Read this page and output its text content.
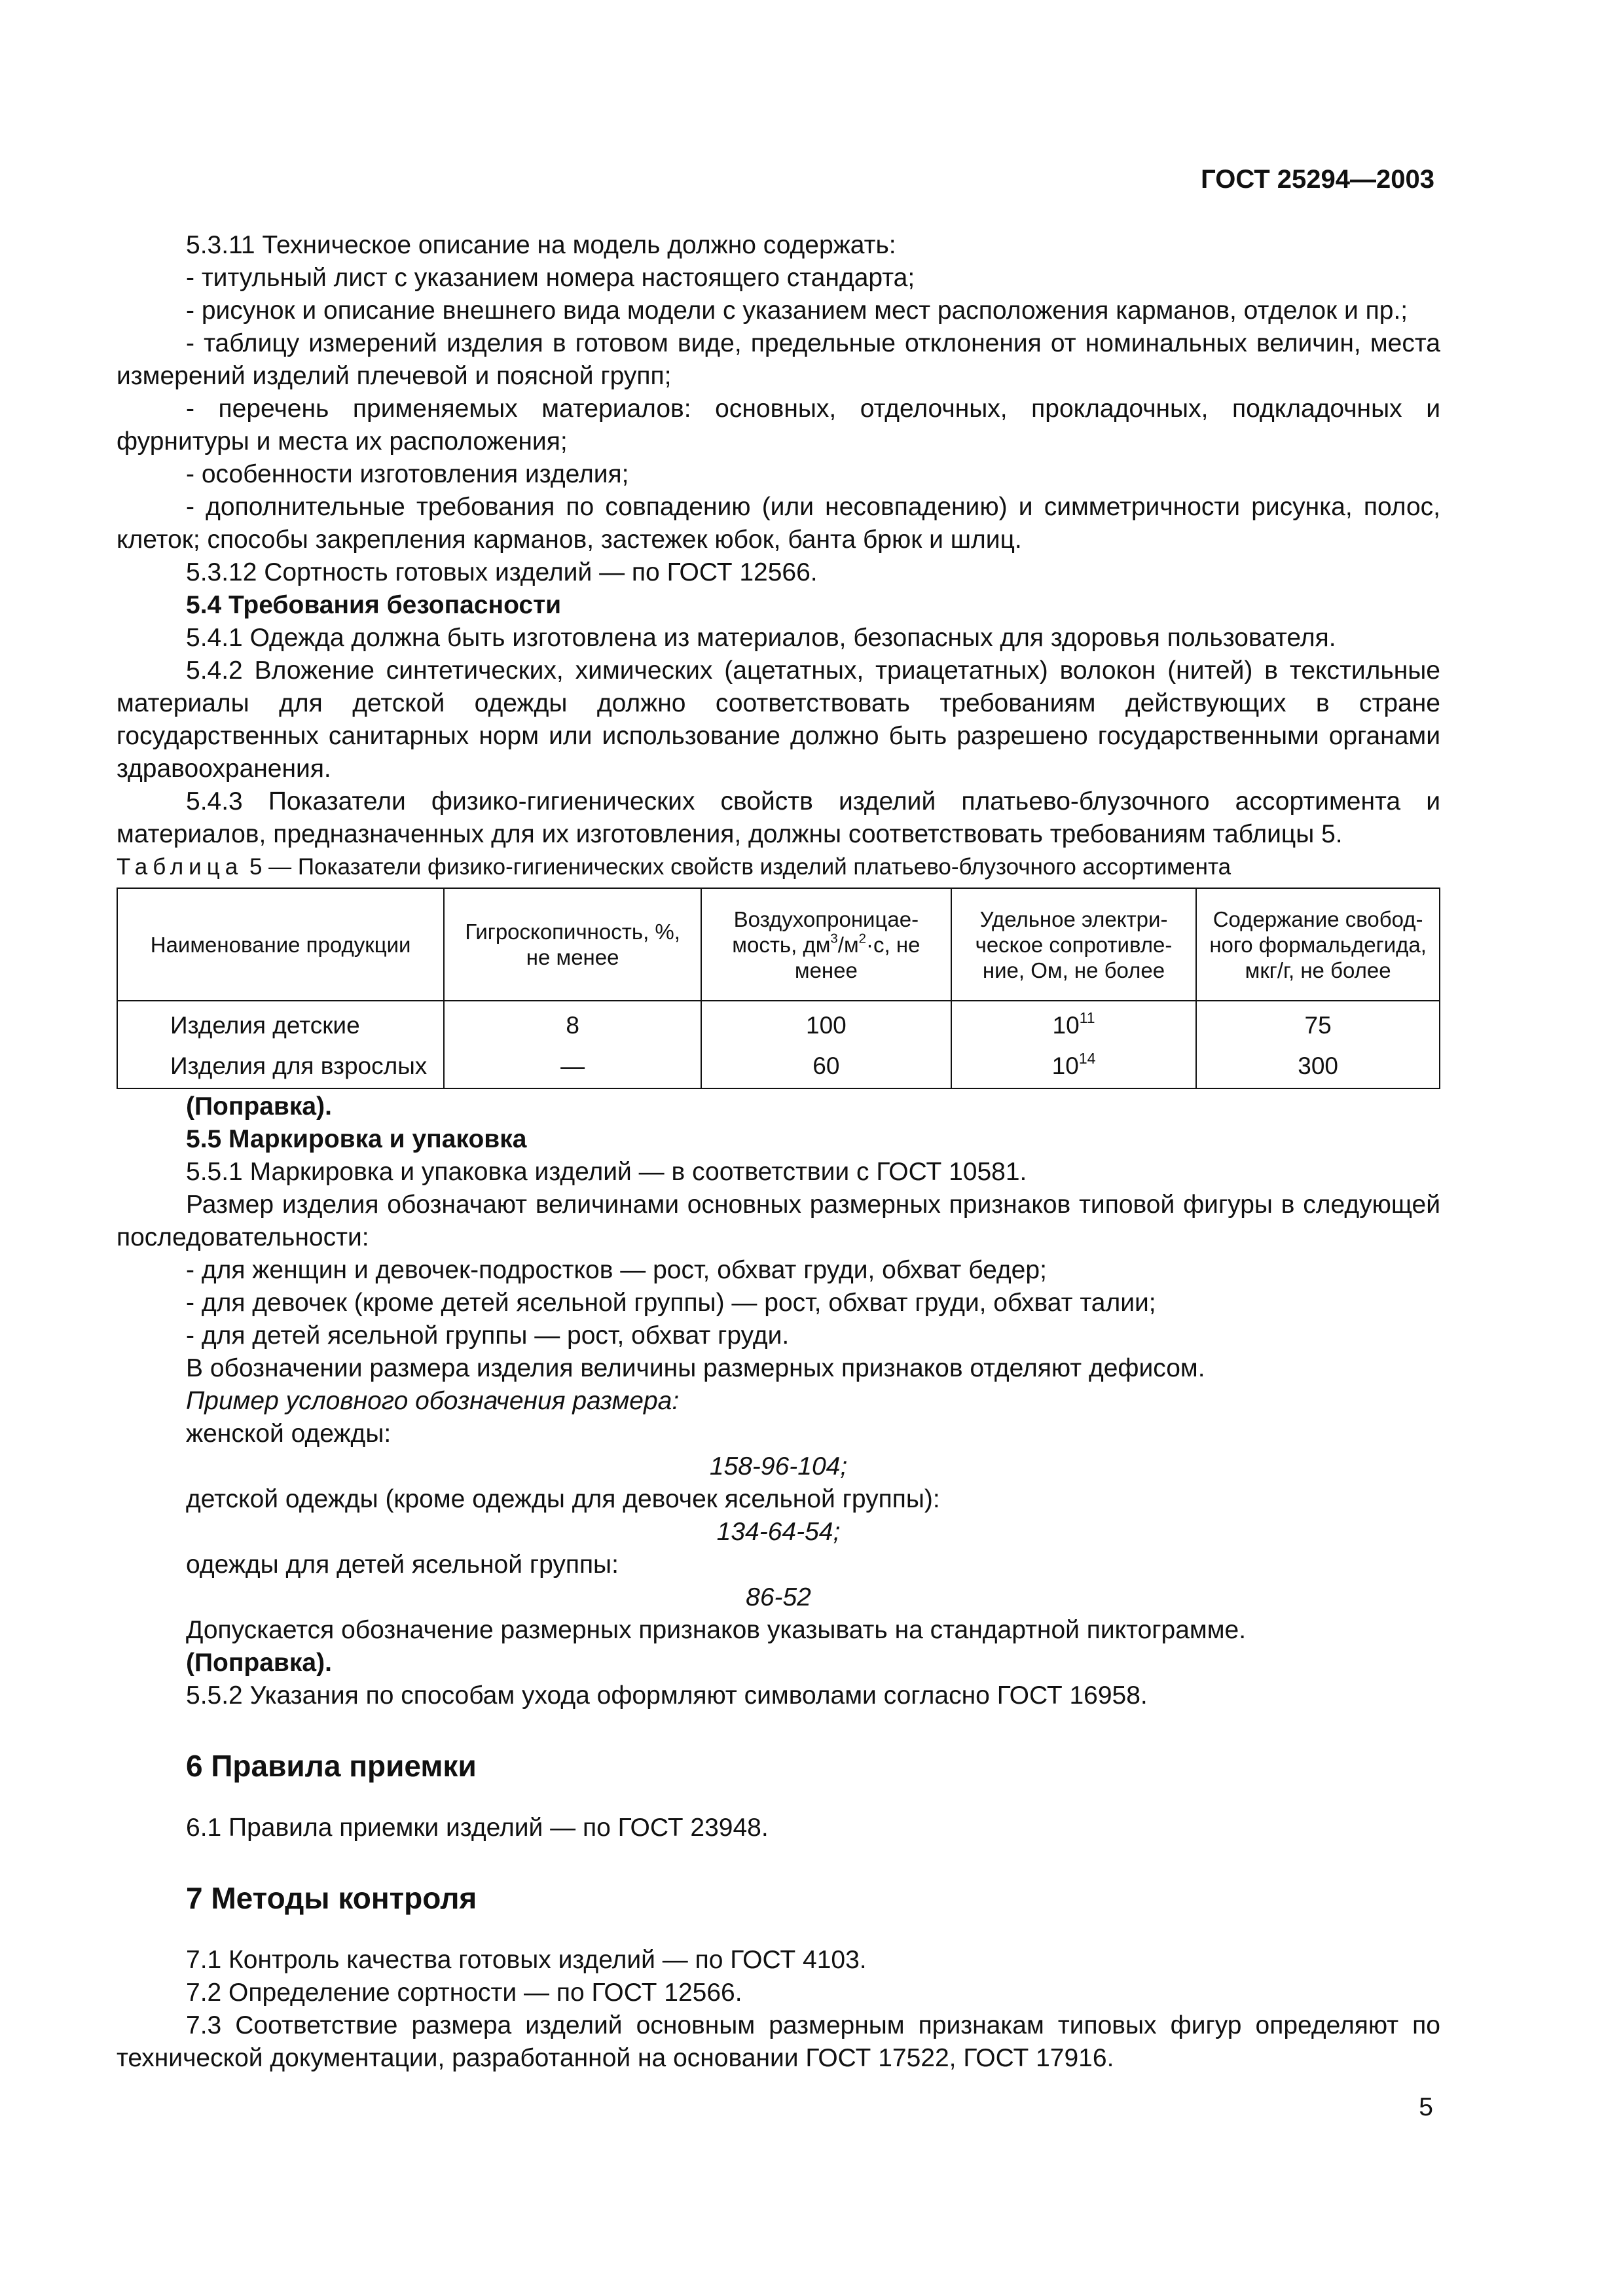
ГОСТ 25294—2003

5.3.11 Техническое описание на модель должно содержать:

- титульный лист с указанием номера настоящего стандарта;

- рисунок и описание внешнего вида модели с указанием мест расположения карманов, отделок и пр.;

- таблицу измерений изделия в готовом виде, предельные отклонения от номинальных величин, места измерений изделий плечевой и поясной групп;

- перечень применяемых материалов: основных, отделочных, прокладочных, подкладочных и фурнитуры и места их расположения;

- особенности изготовления изделия;

- дополнительные требования по совпадению (или несовпадению) и симметричности рисунка, полос, клеток; способы закрепления карманов, застежек юбок, банта брюк и шлиц.

5.3.12 Сортность готовых изделий — по ГОСТ 12566.

5.4 Требования безопасности

5.4.1 Одежда должна быть изготовлена из материалов, безопасных для здоровья пользователя.

5.4.2 Вложение синтетических, химических (ацетатных, триацетатных) волокон (нитей) в текстильные материалы для детской одежды должно соответствовать требованиям действующих в стране государственных санитарных норм или использование должно быть разрешено государственными органами здравоохранения.

5.4.3 Показатели физико-гигиенических свойств изделий платьево-блузочного ассортимента и материалов, предназначенных для их изготовления, должны соответствовать требованиям таблицы 5.

Таблица 5 — Показатели физико-гигиенических свойств изделий платьево-блузочного ассортимента

Наименование продукции	Гигроскопичность, %, не менее	Воздухопроницае-мость, $дм^3/м^2\cdot с$, не менее	Удельное электри-ческое сопротивле-ние, Ом, не более	Содержание свобод-ного формальдегида, мкг/г, не более
Изделия детские	8	100	$10^{11}$	75
Изделия для взрослых	—	60	$10^{14}$	300

(Поправка).

5.5 Маркировка и упаковка

5.5.1 Маркировка и упаковка изделий — в соответствии с ГОСТ 10581.

Размер изделия обозначают величинами основных размерных признаков типовой фигуры в следующей последовательности:

- для женщин и девочек-подростков — рост, обхват груди, обхват бедер;

- для девочек (кроме детей ясельной группы) — рост, обхват груди, обхват талии;

- для детей ясельной группы — рост, обхват груди.

В обозначении размера изделия величины размерных признаков отделяют дефисом.

Пример условного обозначения размера:

женской одежды:

158-96-104;

детской одежды (кроме одежды для девочек ясельной группы):

134-64-54;

одежды для детей ясельной группы:

86-52

Допускается обозначение размерных признаков указывать на стандартной пиктограмме.

(Поправка).

5.5.2 Указания по способам ухода оформляют символами согласно ГОСТ 16958.

6 Правила приемки

6.1 Правила приемки изделий — по ГОСТ 23948.

7 Методы контроля

7.1 Контроль качества готовых изделий — по ГОСТ 4103.

7.2 Определение сортности — по ГОСТ 12566.

7.3 Соответствие размера изделий основным размерным признакам типовых фигур определяют по технической документации, разработанной на основании ГОСТ 17522, ГОСТ 17916.

5
